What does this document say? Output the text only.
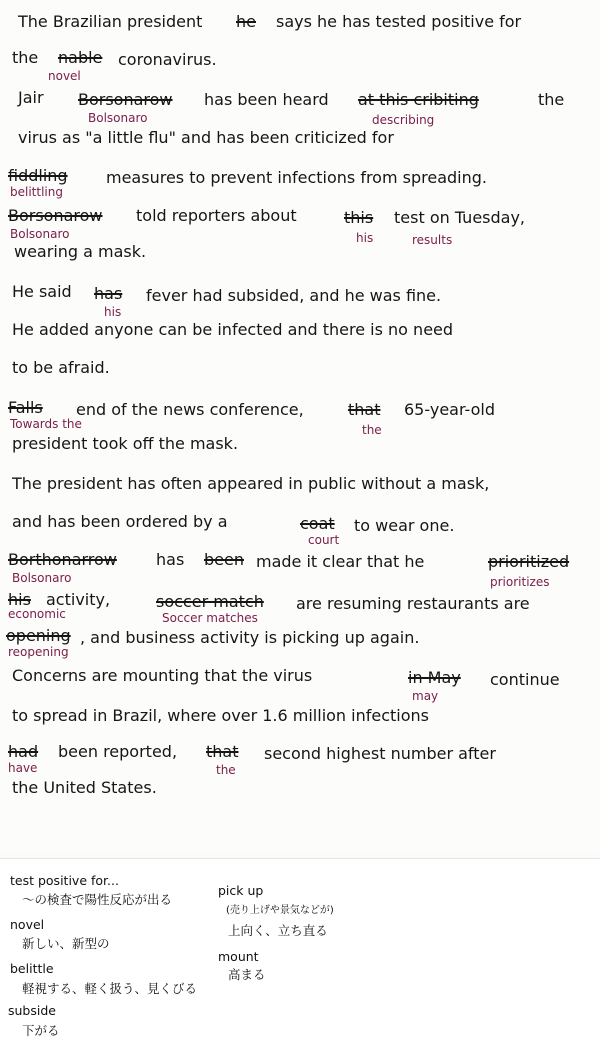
The Brazilian president he says he has tested positive for
the nable coronavirus.
novel
Jair Borsonarow has been heard at this cribiting	the
Bolsonaro	describing
virus as "a little flu" and has been criticized for
fiddling measures to prevent infections from spreading.
belittling
Borsonarow told reporters about	this test on Tuesday,
Bolsonaro	his	results
wearing a mask.
He said has fever had subsided, and he was fine.
his
He added anyone can be infected and there is no need
to be afraid.
Falls end of the news conference,	that 65-year-old
Towards the	the
president took off the mask.
The president has often appeared in public without a mask,
and has been ordered by a	coat to wear one.
court
Borthonarrow has been made it clear that he	prioritized
Bolsonaro	prioritizes
his activity,	soccer match are resuming restaurants are
economic	Soccer matches
opening , and business activity is picking up again.
reopening
Concerns are mounting that the virus	in May continue
may
to spread in Brazil, where over 1.6 million infections
had been reported, that second highest number after
have	the
the United States.
test positive for...
～の検査で陽性反応が出る
novel
新しい、新型の
belittle
軽視する、軽く扱う、見くびる
subside
下がる
pick up
(売り上げや景気などが)
上向く、立ち直る
mount
高まる
